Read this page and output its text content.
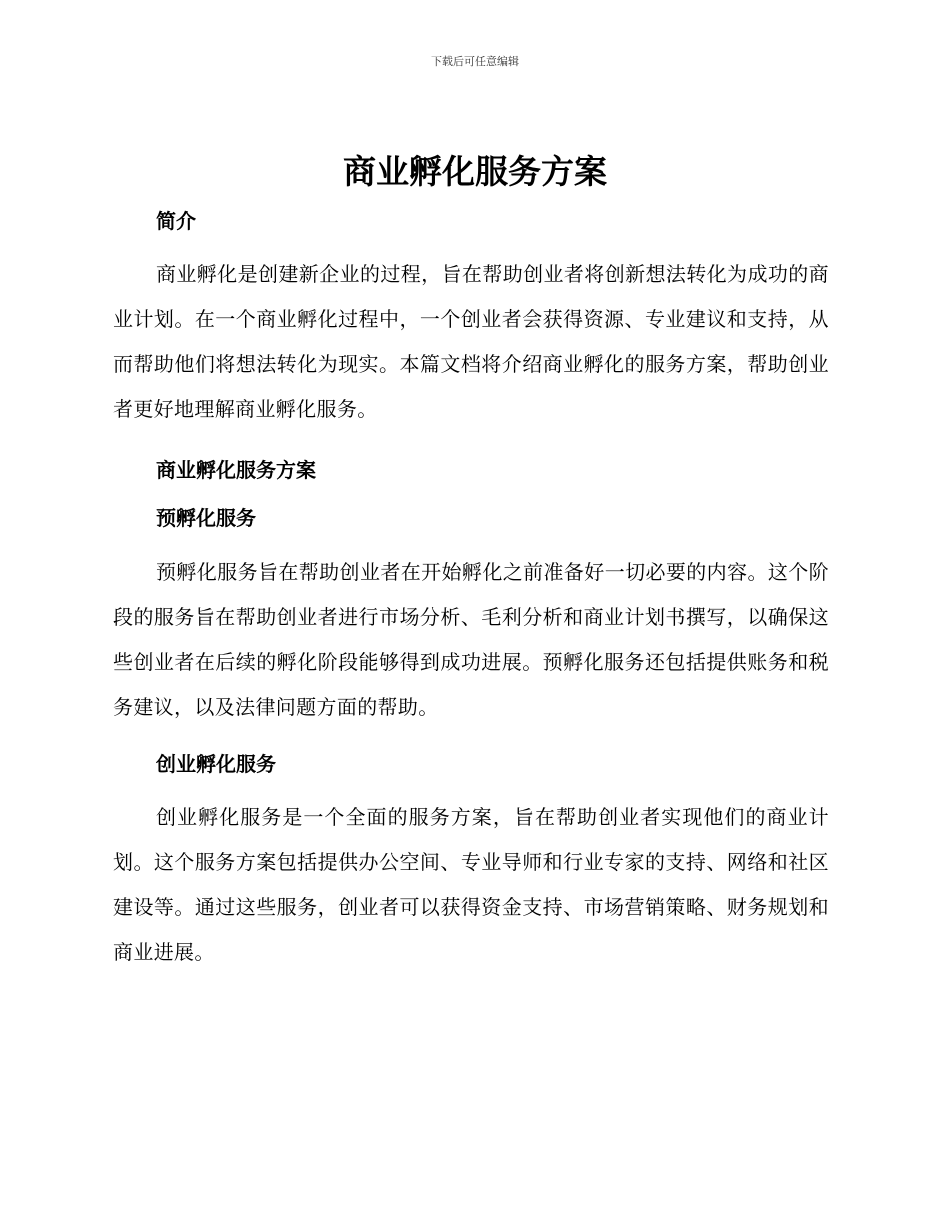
下载后可任意编辑
商业孵化服务方案
简介

商业孵化是创建新企业的过程，旨在帮助创业者将创新想法转化为成功的商业计划。在一个商业孵化过程中，一个创业者会获得资源、专业建议和支持，从而帮助他们将想法转化为现实。本篇文档将介绍商业孵化的服务方案，帮助创业者更好地理解商业孵化服务。

商业孵化服务方案
预孵化服务

预孵化服务旨在帮助创业者在开始孵化之前准备好一切必要的内容。这个阶段的服务旨在帮助创业者进行市场分析、毛利分析和商业计划书撰写，以确保这些创业者在后续的孵化阶段能够得到成功进展。预孵化服务还包括提供账务和税务建议，以及法律问题方面的帮助。

创业孵化服务

创业孵化服务是一个全面的服务方案，旨在帮助创业者实现他们的商业计划。这个服务方案包括提供办公空间、专业导师和行业专家的支持、网络和社区建设等。通过这些服务，创业者可以获得资金支持、市场营销策略、财务规划和商业进展。
